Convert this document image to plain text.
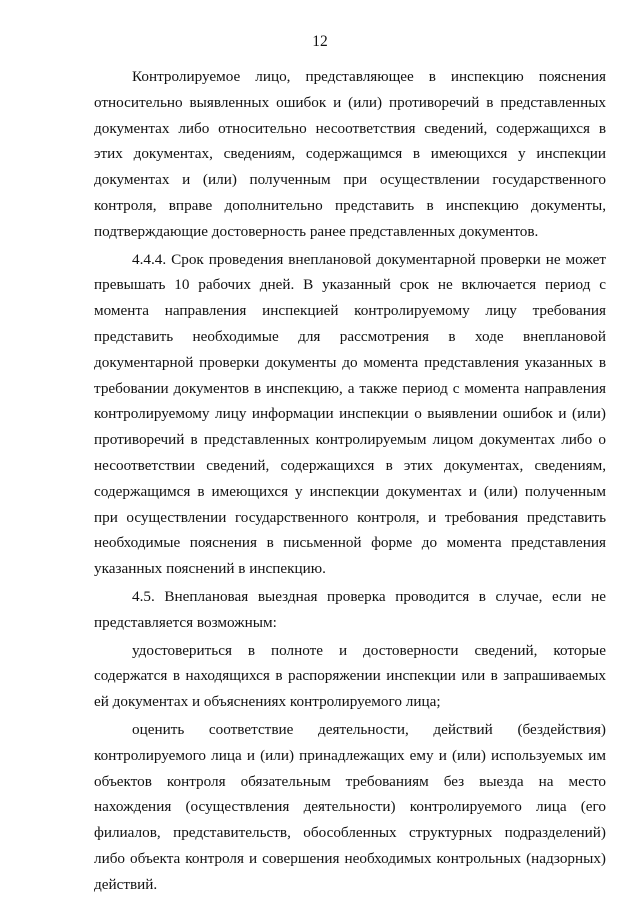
12

Контролируемое лицо, представляющее в инспекцию пояснения относительно выявленных ошибок и (или) противоречий в представленных документах либо относительно несоответствия сведений, содержащихся в этих документах, сведениям, содержащимся в имеющихся у инспекции документах и (или) полученным при осуществлении государственного контроля, вправе дополнительно представить в инспекцию документы, подтверждающие достоверность ранее представленных документов.

4.4.4. Срок проведения внеплановой документарной проверки не может превышать 10 рабочих дней. В указанный срок не включается период с момента направления инспекцией контролируемому лицу требования представить необходимые для рассмотрения в ходе внеплановой документарной проверки документы до момента представления указанных в требовании документов в инспекцию, а также период с момента направления контролируемому лицу информации инспекции о выявлении ошибок и (или) противоречий в представленных контролируемым лицом документах либо о несоответствии сведений, содержащихся в этих документах, сведениям, содержащимся в имеющихся у инспекции документах и (или) полученным при осуществлении государственного контроля, и требования представить необходимые пояснения в письменной форме до момента представления указанных пояснений в инспекцию.

4.5. Внеплановая выездная проверка проводится в случае, если не представляется возможным:

удостовериться в полноте и достоверности сведений, которые содержатся в находящихся в распоряжении инспекции или в запрашиваемых ей документах и объяснениях контролируемого лица;

оценить соответствие деятельности, действий (бездействия) контролируемого лица и (или) принадлежащих ему и (или) используемых им объектов контроля обязательным требованиям без выезда на место нахождения (осуществления деятельности) контролируемого лица (его филиалов, представительств, обособленных структурных подразделений) либо объекта контроля и совершения необходимых контрольных (надзорных) действий.
